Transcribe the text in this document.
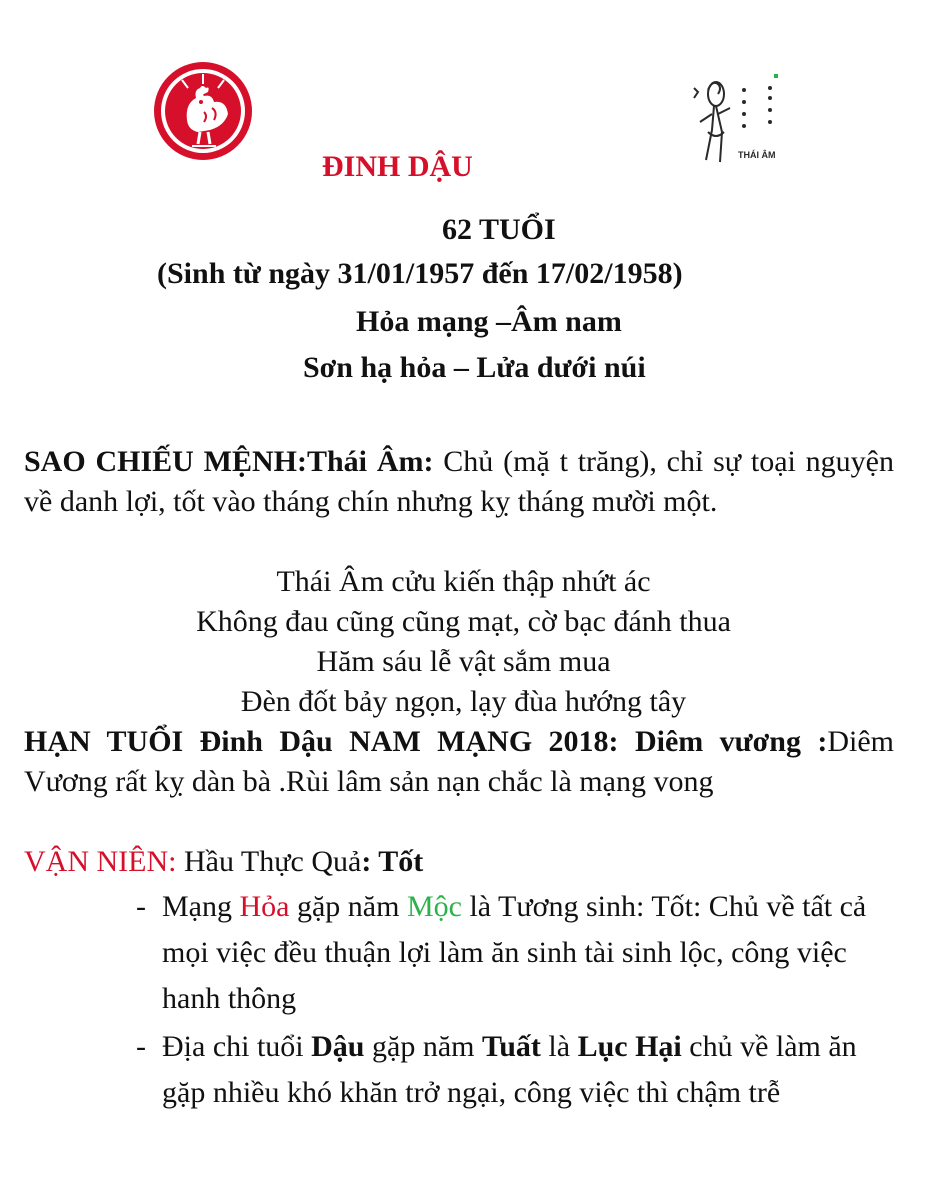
THÁI ÂM
ĐINH DẬU
62 TUỔI
(Sinh từ ngày 31/01/1957 đến 17/02/1958)
Hỏa mạng –Âm nam
Sơn hạ hỏa – Lửa dưới núi
SAO CHIẾU MỆNH:Thái Âm: Chủ (mặ t trăng), chỉ sự toại nguyện về danh lợi, tốt vào tháng chín nhưng kỵ tháng mười một.
Thái Âm cửu kiến thập nhứt ác
Không đau cũng cũng mạt, cờ bạc đánh thua
Hăm sáu lễ vật sắm mua
Đèn đốt bảy ngọn, lạy đùa hướng tây
HẠN TUỔI Đinh Dậu NAM MẠNG 2018: Diêm vương :Diêm Vương rất kỵ dàn bà .Rùi lâm sản nạn chắc là mạng vong
VẬN NIÊN: Hầu Thực Quả: Tốt
- Mạng Hỏa gặp năm Mộc là Tương sinh: Tốt: Chủ về tất cả mọi việc đều thuận lợi làm ăn sinh tài sinh lộc, công việc hanh thông
- Địa chi tuổi Dậu gặp năm Tuất là Lục Hại chủ về làm ăn gặp nhiều khó khăn trở ngại, công việc thì chậm trễ
